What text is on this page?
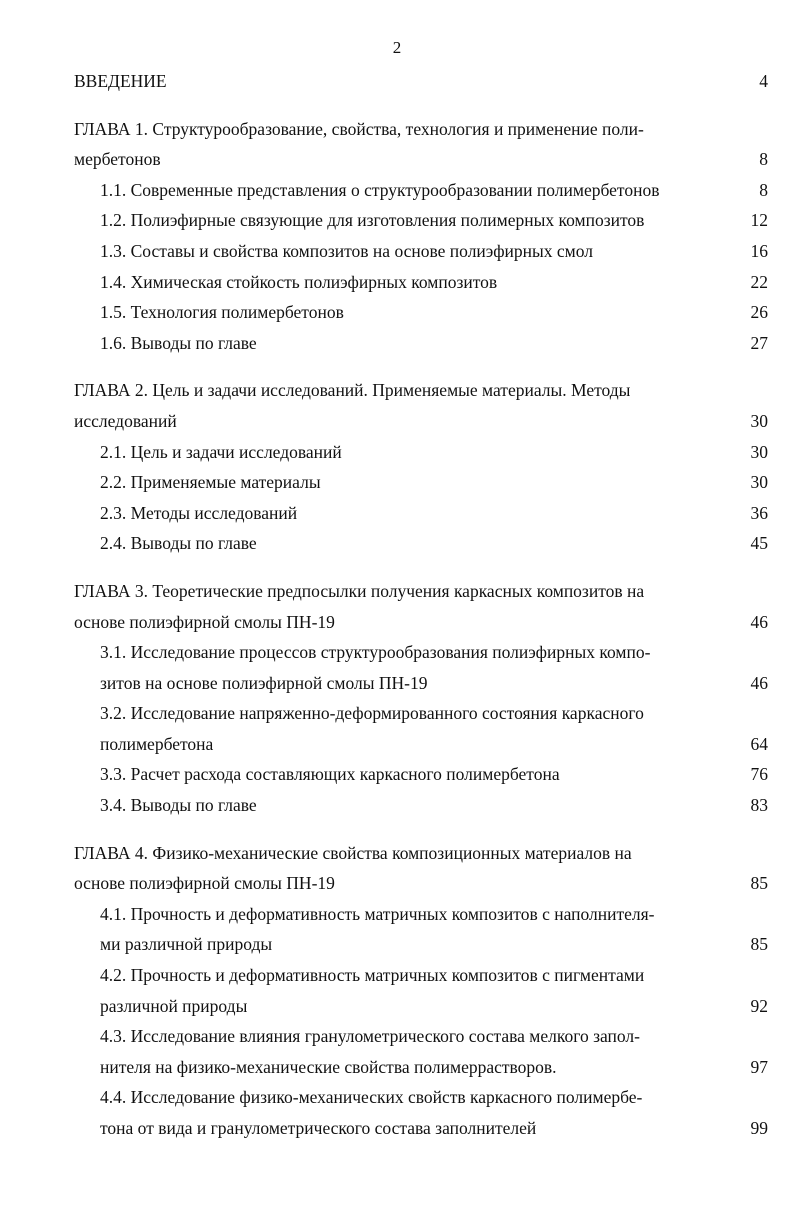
2
ВВЕДЕНИЕ	4
ГЛАВА 1. Структурообразование, свойства, технология и применение поли-
мербетонов	8
1.1. Современные представления о структурообразовании полимербетонов	8
1.2. Полиэфирные связующие для изготовления полимерных композитов	12
1.3. Составы и свойства композитов на основе полиэфирных смол	16
1.4. Химическая стойкость полиэфирных композитов	22
1.5. Технология полимербетонов	26
1.6. Выводы по главе	27
ГЛАВА 2. Цель и задачи исследований. Применяемые материалы. Методы
исследований	30
2.1. Цель и задачи исследований	30
2.2. Применяемые материалы	30
2.3. Методы исследований	36
2.4. Выводы по главе	45
ГЛАВА 3. Теоретические предпосылки получения каркасных композитов на
основе полиэфирной смолы ПН-19	46
3.1. Исследование процессов структурообразования полиэфирных компо-
зитов на основе полиэфирной смолы ПН-19	46
3.2. Исследование напряженно-деформированного состояния каркасного
полимербетона	64
3.3. Расчет расхода составляющих каркасного полимербетона	76
3.4. Выводы по главе	83
ГЛАВА 4. Физико-механические свойства композиционных материалов на
основе полиэфирной смолы ПН-19	85
4.1. Прочность и деформативность матричных композитов с наполнителя-
ми различной природы	85
4.2. Прочность и деформативность матричных композитов с пигментами
различной природы	92
4.3. Исследование влияния гранулометрического состава мелкого запол-
нителя на физико-механические свойства полимеррастворов.	97
4.4. Исследование физико-механических свойств каркасного полимербе-
тона от вида и гранулометрического состава заполнителей	99
